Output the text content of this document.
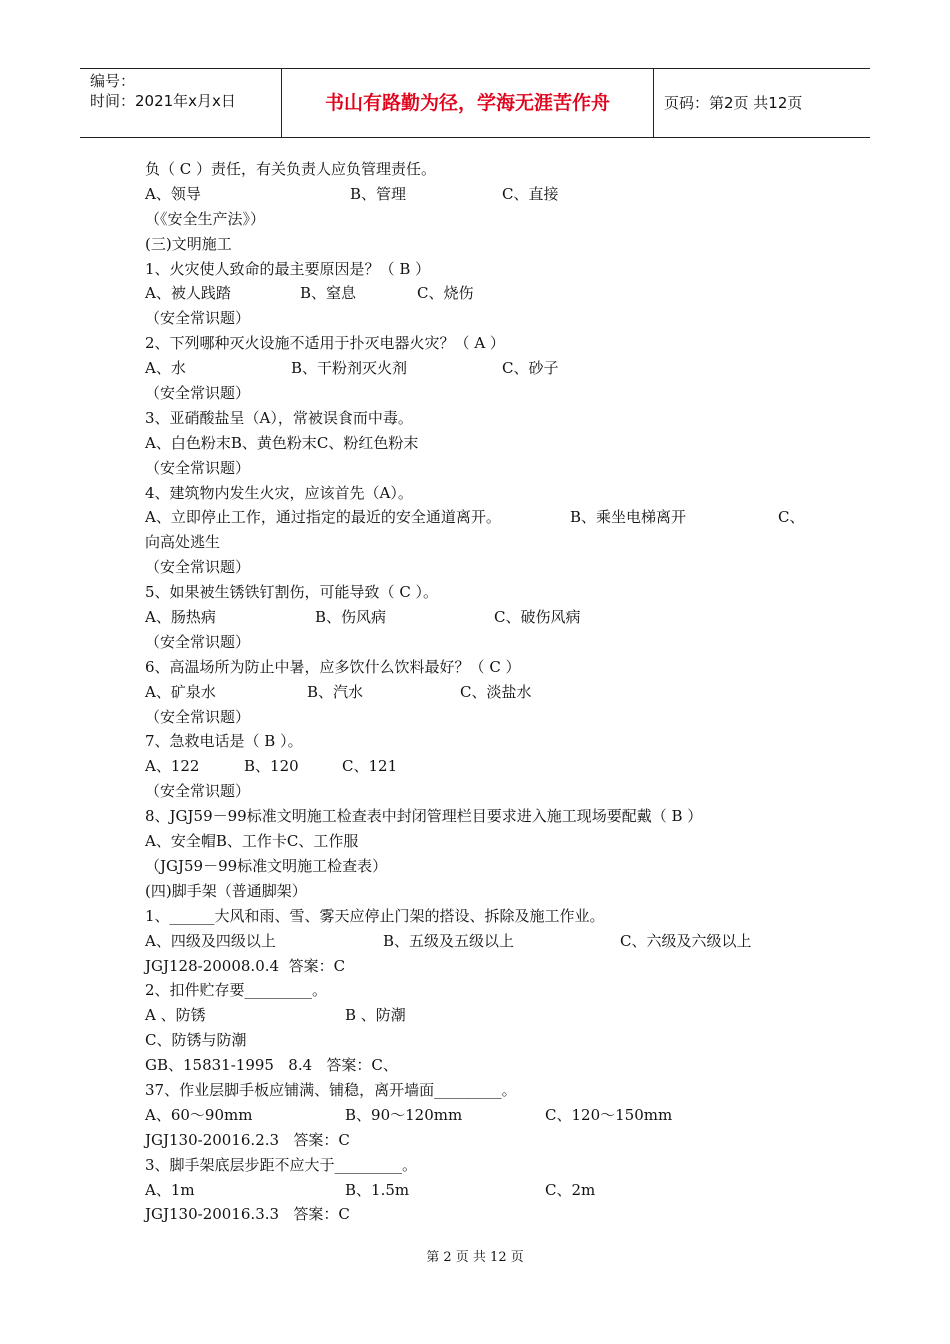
编号：
时间：2021年x月x日	书山有路勤为径，学海无涯苦作舟	页码：第2页 共12页
负（ C ）责任，有关负责人应负管理责任。
A、领导	B、管理	C、直接
（《安全生产法》）
(三)文明施工
1、火灾使人致命的最主要原因是？（ B ）
A、被人践踏	B、窒息	C、烧伤
（安全常识题）
2、下列哪种灭火设施不适用于扑灭电器火灾？（ A ）
A、水	B、干粉剂灭火剂	C、砂子
（安全常识题）
3、亚硝酸盐呈（A），常被误食而中毒。
A、白色粉末B、黄色粉末C、粉红色粉末
（安全常识题）
4、建筑物内发生火灾，应该首先（A）。
A、立即停止工作，通过指定的最近的安全通道离开。	B、乘坐电梯离开	C、
向高处逃生
（安全常识题）
5、如果被生锈铁钉割伤，可能导致（ C ）。
A、肠热病	B、伤风病	C、破伤风病
（安全常识题）
6、高温场所为防止中暑，应多饮什么饮料最好？（ C ）
A、矿泉水	B、汽水	C、淡盐水
（安全常识题）
7、急救电话是（ B ）。
A、122	B、120	C、121
（安全常识题）
8、JGJ59－99标准文明施工检查表中封闭管理栏目要求进入施工现场要配戴（ B ）
A、安全帽B、工作卡C、工作服
（JGJ59－99标准文明施工检查表）
(四)脚手架（普通脚架）
1、______大风和雨、雪、雾天应停止门架的搭设、拆除及施工作业。
A、四级及四级以上	B、五级及五级以上	C、六级及六级以上
JGJ128-20008.0.4  答案：C
2、扣件贮存要_________。
A 、防锈	B 、防潮
C、防锈与防潮
GB、15831-1995   8.4   答案：C、
37、作业层脚手板应铺满、铺稳，离开墙面_________。
A、60～90mm	B、90～120mm	C、120～150mm
JGJ130-20016.2.3   答案：C
3、脚手架底层步距不应大于_________。
A、1m	B、1.5m	C、2m
JGJ130-20016.3.3   答案：C
第 2 页 共 12 页
